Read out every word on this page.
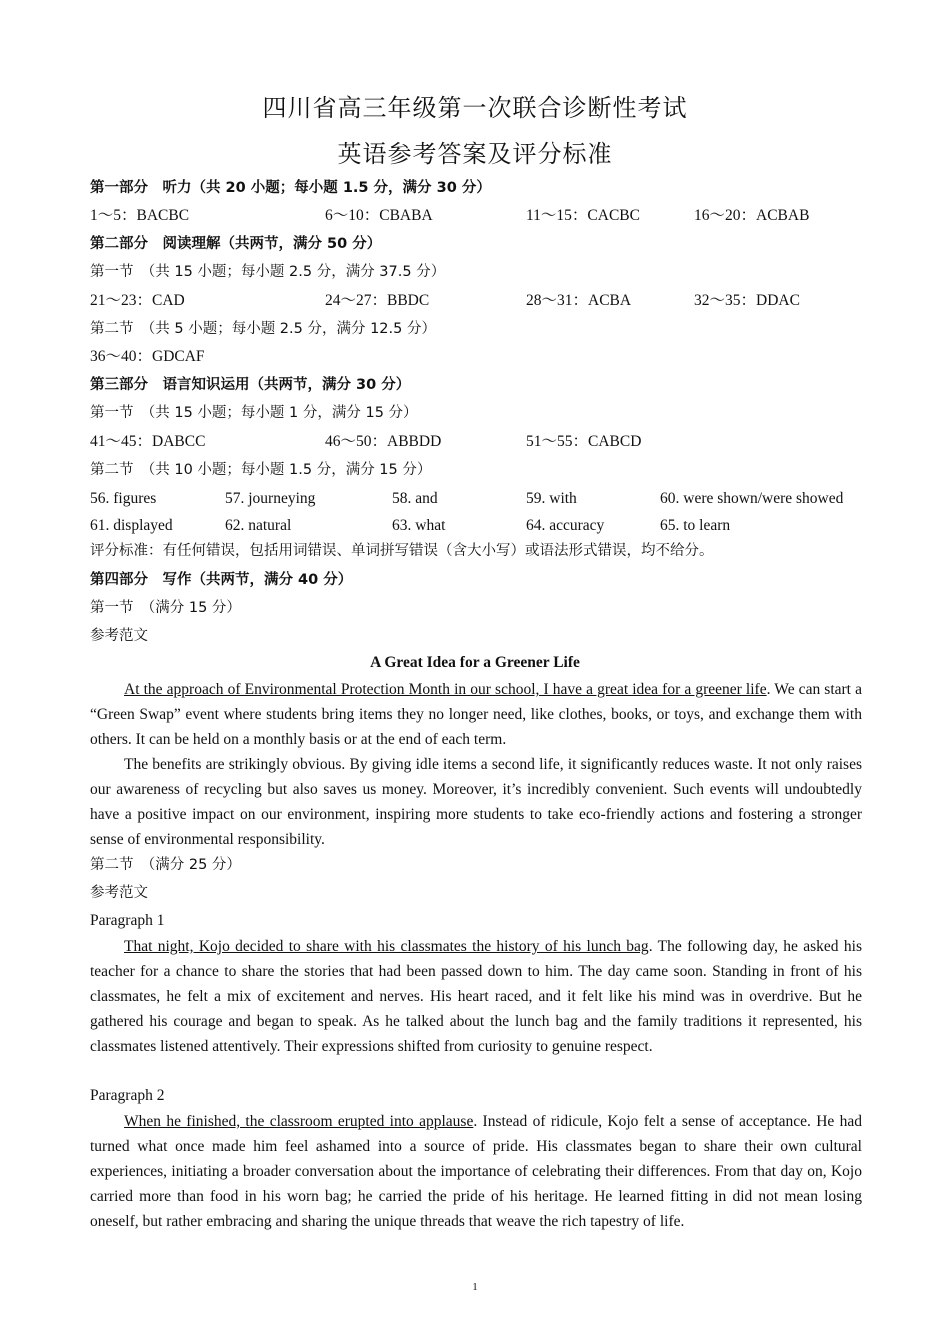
四川省高三年级第一次联合诊断性考试
英语参考答案及评分标准
第一部分　听力（共 20 小题；每小题 1.5 分，满分 30 分）
1～5：BACBC	6～10：CBABA	11～15：CACBC	16～20：ACBAB
第二部分　阅读理解（共两节，满分 50 分）
第一节　（共 15 小题；每小题 2.5 分，满分 37.5 分）
21～23：CAD	24～27：BBDC	28～31：ACBA	32～35：DDAC
第二节　（共 5 小题；每小题 2.5 分，满分 12.5 分）
36～40：GDCAF
第三部分　语言知识运用（共两节，满分 30 分）
第一节　（共 15 小题；每小题 1 分，满分 15 分）
41～45：DABCC	46～50：ABBDD	51～55：CABCD
第二节　（共 10 小题；每小题 1.5 分，满分 15 分）
56. figures	57. journeying	58. and	59. with	60. were shown/were showed
61. displayed	62. natural	63. what	64. accuracy	65. to learn
评分标准：有任何错误，包括用词错误、单词拼写错误（含大小写）或语法形式错误，均不给分。
第四部分　写作（共两节，满分 40 分）
第一节　（满分 15 分）
参考范文
A Great Idea for a Greener Life

At the approach of Environmental Protection Month in our school, I have a great idea for a greener life. We can start a “Green Swap” event where students bring items they no longer need, like clothes, books, or toys, and exchange them with others. It can be held on a monthly basis or at the end of each term.

The benefits are strikingly obvious. By giving idle items a second life, it significantly reduces waste. It not only raises our awareness of recycling but also saves us money. Moreover, it’s incredibly convenient. Such events will undoubtedly have a positive impact on our environment, inspiring more students to take eco-friendly actions and fostering a stronger sense of environmental responsibility.

第二节　（满分 25 分）
参考范文
Paragraph 1

That night, Kojo decided to share with his classmates the history of his lunch bag. The following day, he asked his teacher for a chance to share the stories that had been passed down to him. The day came soon. Standing in front of his classmates, he felt a mix of excitement and nerves. His heart raced, and it felt like his mind was in overdrive. But he gathered his courage and began to speak. As he talked about the lunch bag and the family traditions it represented, his classmates listened attentively. Their expressions shifted from curiosity to genuine respect.

Paragraph 2

When he finished, the classroom erupted into applause. Instead of ridicule, Kojo felt a sense of acceptance. He had turned what once made him feel ashamed into a source of pride. His classmates began to share their own cultural experiences, initiating a broader conversation about the importance of celebrating their differences. From that day on, Kojo carried more than food in his worn bag; he carried the pride of his heritage. He learned fitting in did not mean losing oneself, but rather embracing and sharing the unique threads that weave the rich tapestry of life.

1
